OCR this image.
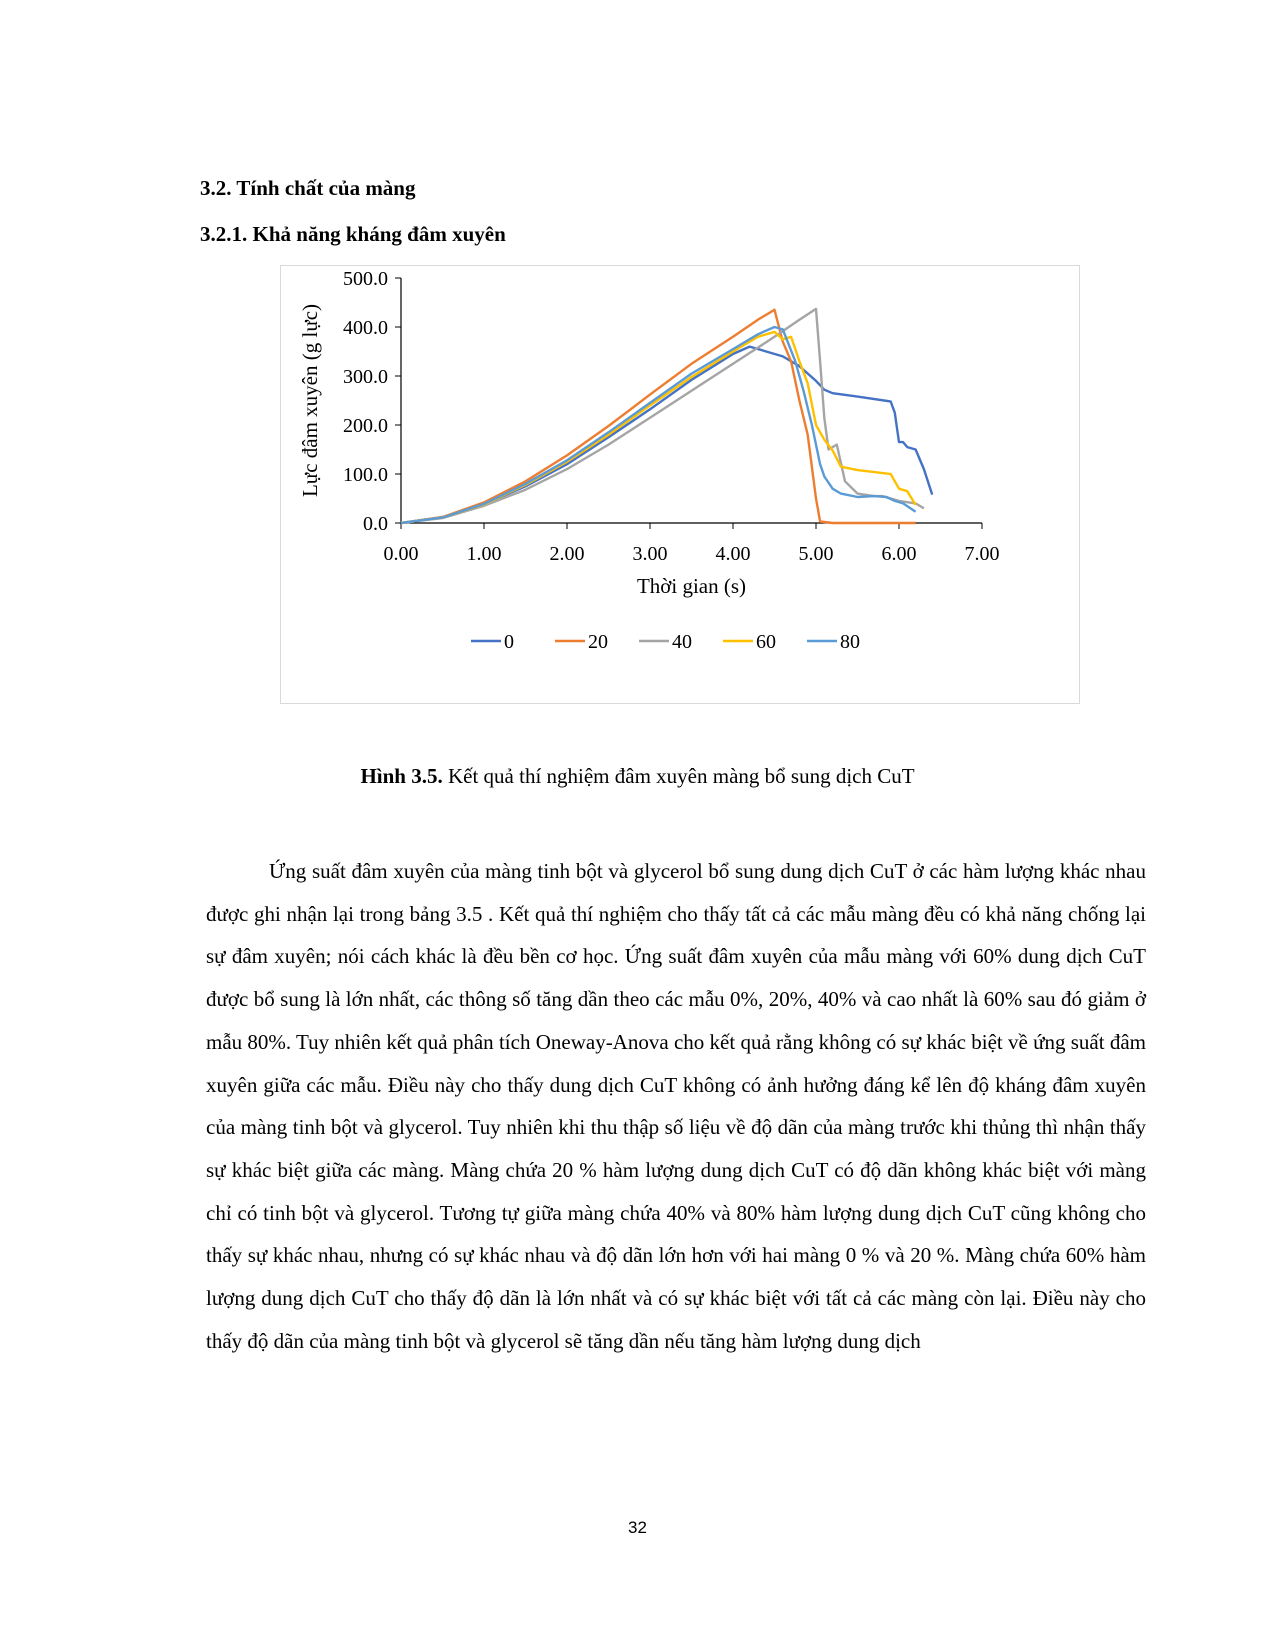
3.2. Tính chất của màng
3.2.1. Khả năng kháng đâm xuyên
0.0
100.0
200.0
300.0
400.0
500.0
0.00 1.00 2.00 3.00 4.00 5.00 6.00 7.00
Thời gian (s)
Lực đâm xuyên (g lực)
0	20	40	60	80

Hình 3.5. Kết quả thí nghiệm đâm xuyên màng bổ sung dịch CuT

Ứng suất đâm xuyên của màng tinh bột và glycerol bổ sung dung dịch CuT ở các hàm lượng khác nhau được ghi nhận lại trong bảng 3.5 . Kết quả thí nghiệm cho thấy tất cả các mẫu màng đều có khả năng chống lại sự đâm xuyên; nói cách khác là đều bền cơ học. Ứng suất đâm xuyên của mẫu màng với 60% dung dịch CuT được bổ sung là lớn nhất, các thông số tăng dần theo các mẫu 0%, 20%, 40% và cao nhất là 60% sau đó giảm ở mẫu 80%. Tuy nhiên kết quả phân tích Oneway-Anova cho kết quả rằng không có sự khác biệt về ứng suất đâm xuyên giữa các mẫu. Điều này cho thấy dung dịch CuT không có ảnh hưởng đáng kể lên độ kháng đâm xuyên của màng tinh bột và glycerol. Tuy nhiên khi thu thập số liệu về độ dãn của màng trước khi thủng thì nhận thấy sự khác biệt giữa các màng. Màng chứa 20 % hàm lượng dung dịch CuT có độ dãn không khác biệt với màng chỉ có tinh bột và glycerol. Tương tự giữa màng chứa 40% và 80% hàm lượng dung dịch CuT cũng không cho thấy sự khác nhau, nhưng có sự khác nhau và độ dãn lớn hơn với hai màng 0 % và 20 %. Màng chứa 60% hàm lượng dung dịch CuT cho thấy độ dãn là lớn nhất và có sự khác biệt với tất cả các màng còn lại. Điều này cho thấy độ dãn của màng tinh bột và glycerol sẽ tăng dần nếu tăng hàm lượng dung dịch

32
